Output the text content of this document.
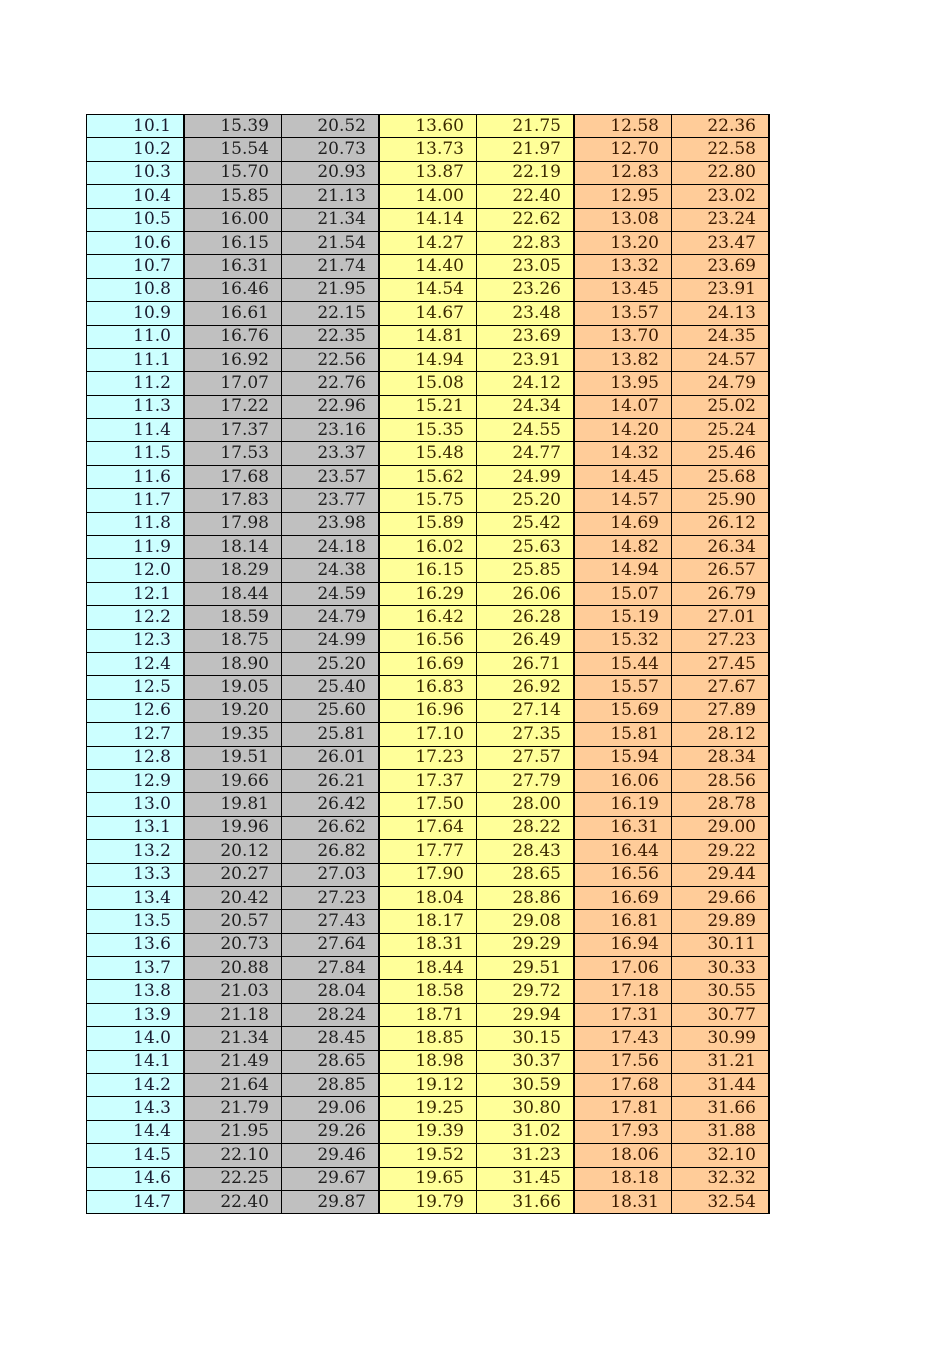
10.1	15.39	20.52	13.60	21.75	12.58	22.36
10.2	15.54	20.73	13.73	21.97	12.70	22.58
10.3	15.70	20.93	13.87	22.19	12.83	22.80
10.4	15.85	21.13	14.00	22.40	12.95	23.02
10.5	16.00	21.34	14.14	22.62	13.08	23.24
10.6	16.15	21.54	14.27	22.83	13.20	23.47
10.7	16.31	21.74	14.40	23.05	13.32	23.69
10.8	16.46	21.95	14.54	23.26	13.45	23.91
10.9	16.61	22.15	14.67	23.48	13.57	24.13
11.0	16.76	22.35	14.81	23.69	13.70	24.35
11.1	16.92	22.56	14.94	23.91	13.82	24.57
11.2	17.07	22.76	15.08	24.12	13.95	24.79
11.3	17.22	22.96	15.21	24.34	14.07	25.02
11.4	17.37	23.16	15.35	24.55	14.20	25.24
11.5	17.53	23.37	15.48	24.77	14.32	25.46
11.6	17.68	23.57	15.62	24.99	14.45	25.68
11.7	17.83	23.77	15.75	25.20	14.57	25.90
11.8	17.98	23.98	15.89	25.42	14.69	26.12
11.9	18.14	24.18	16.02	25.63	14.82	26.34
12.0	18.29	24.38	16.15	25.85	14.94	26.57
12.1	18.44	24.59	16.29	26.06	15.07	26.79
12.2	18.59	24.79	16.42	26.28	15.19	27.01
12.3	18.75	24.99	16.56	26.49	15.32	27.23
12.4	18.90	25.20	16.69	26.71	15.44	27.45
12.5	19.05	25.40	16.83	26.92	15.57	27.67
12.6	19.20	25.60	16.96	27.14	15.69	27.89
12.7	19.35	25.81	17.10	27.35	15.81	28.12
12.8	19.51	26.01	17.23	27.57	15.94	28.34
12.9	19.66	26.21	17.37	27.79	16.06	28.56
13.0	19.81	26.42	17.50	28.00	16.19	28.78
13.1	19.96	26.62	17.64	28.22	16.31	29.00
13.2	20.12	26.82	17.77	28.43	16.44	29.22
13.3	20.27	27.03	17.90	28.65	16.56	29.44
13.4	20.42	27.23	18.04	28.86	16.69	29.66
13.5	20.57	27.43	18.17	29.08	16.81	29.89
13.6	20.73	27.64	18.31	29.29	16.94	30.11
13.7	20.88	27.84	18.44	29.51	17.06	30.33
13.8	21.03	28.04	18.58	29.72	17.18	30.55
13.9	21.18	28.24	18.71	29.94	17.31	30.77
14.0	21.34	28.45	18.85	30.15	17.43	30.99
14.1	21.49	28.65	18.98	30.37	17.56	31.21
14.2	21.64	28.85	19.12	30.59	17.68	31.44
14.3	21.79	29.06	19.25	30.80	17.81	31.66
14.4	21.95	29.26	19.39	31.02	17.93	31.88
14.5	22.10	29.46	19.52	31.23	18.06	32.10
14.6	22.25	29.67	19.65	31.45	18.18	32.32
14.7	22.40	29.87	19.79	31.66	18.31	32.54
